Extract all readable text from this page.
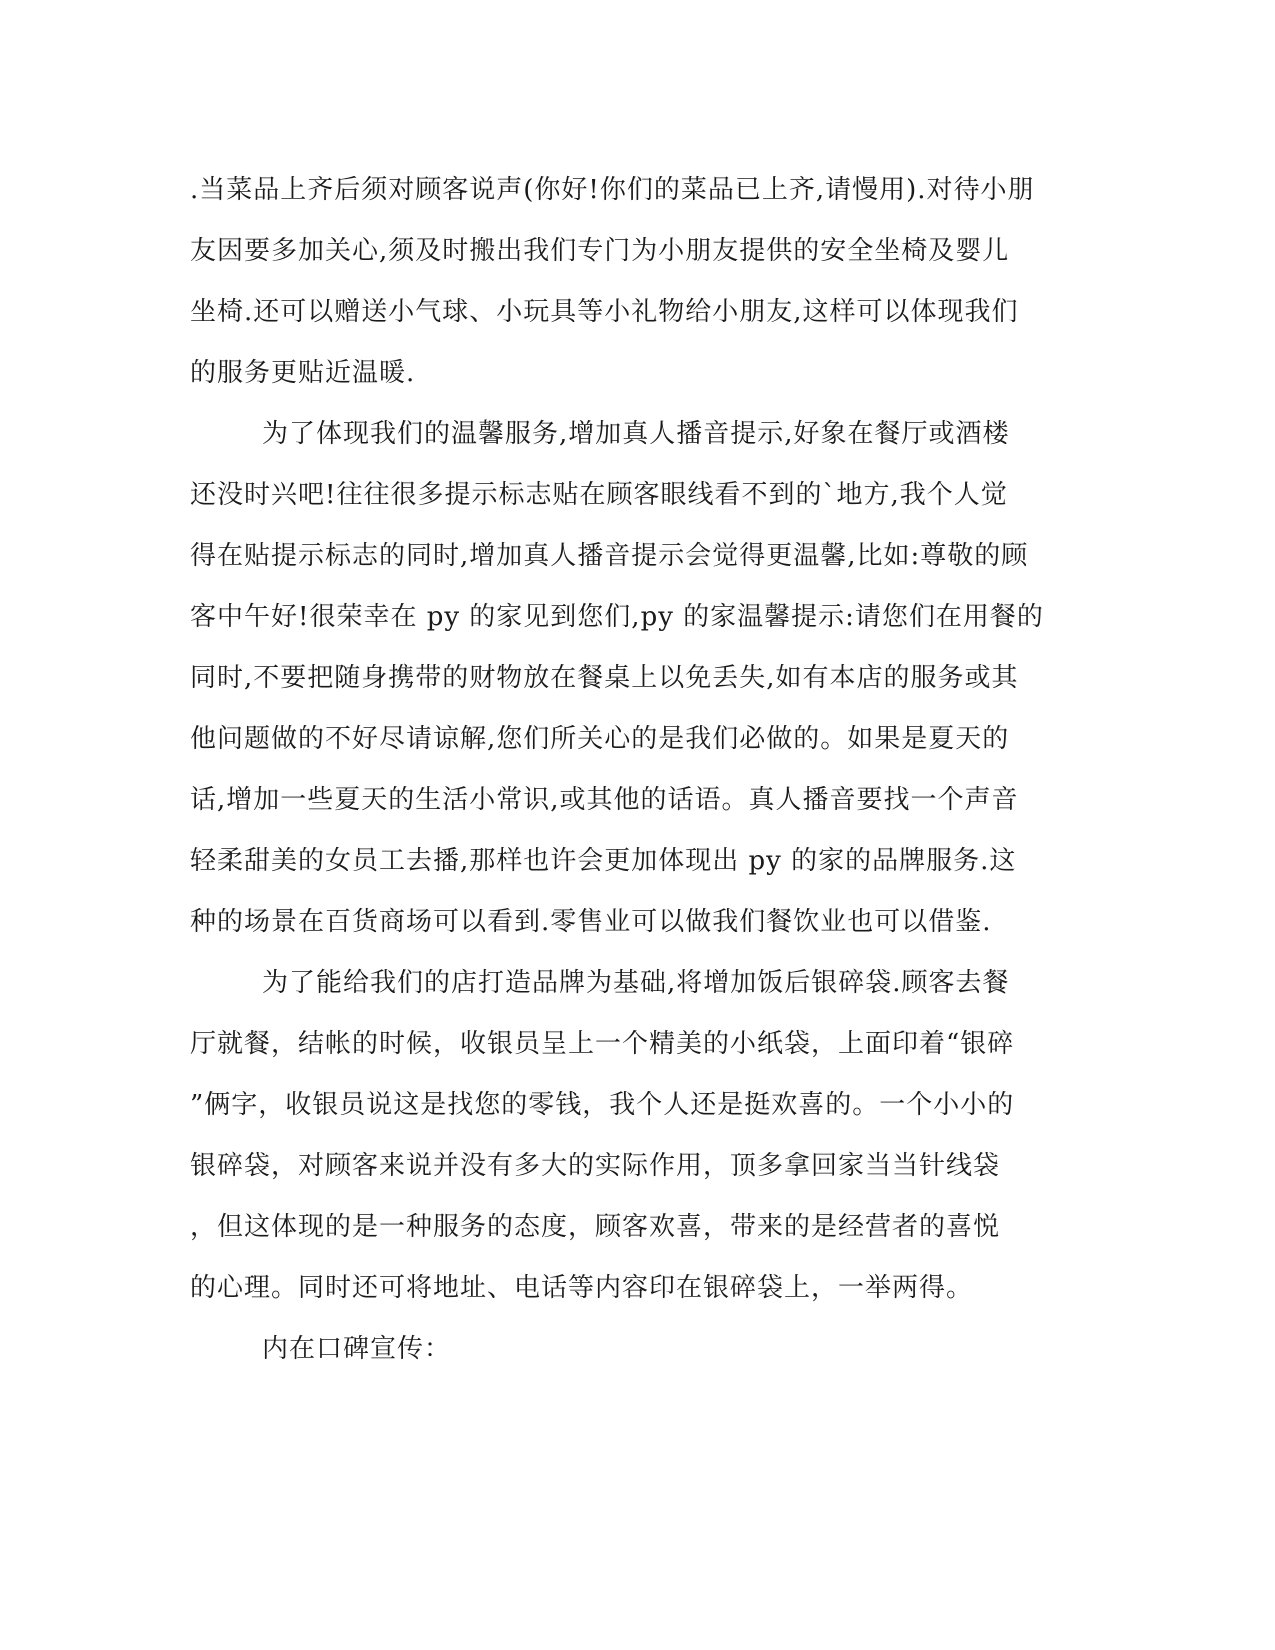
.当菜品上齐后须对顾客说声(你好!你们的菜品已上齐,请慢用).对待小朋
友因要多加关心,须及时搬出我们专门为小朋友提供的安全坐椅及婴儿
坐椅.还可以赠送小气球、小玩具等小礼物给小朋友,这样可以体现我们
的服务更贴近温暖.
为了体现我们的温馨服务,增加真人播音提示,好象在餐厅或酒楼
还没时兴吧!往往很多提示标志贴在顾客眼线看不到的`地方,我个人觉
得在贴提示标志的同时,增加真人播音提示会觉得更温馨,比如:尊敬的顾
客中午好!很荣幸在 py 的家见到您们,py 的家温馨提示:请您们在用餐的
同时,不要把随身携带的财物放在餐桌上以免丢失,如有本店的服务或其
他问题做的不好尽请谅解,您们所关心的是我们必做的。如果是夏天的
话,增加一些夏天的生活小常识,或其他的话语。真人播音要找一个声音
轻柔甜美的女员工去播,那样也许会更加体现出 py 的家的品牌服务.这
种的场景在百货商场可以看到.零售业可以做我们餐饮业也可以借鉴.
为了能给我们的店打造品牌为基础,将增加饭后银碎袋.顾客去餐
厅就餐，结帐的时候，收银员呈上一个精美的小纸袋，上面印着“银碎
”俩字，收银员说这是找您的零钱，我个人还是挺欢喜的。一个小小的
银碎袋，对顾客来说并没有多大的实际作用，顶多拿回家当当针线袋
，但这体现的是一种服务的态度，顾客欢喜，带来的是经营者的喜悦
的心理。同时还可将地址、电话等内容印在银碎袋上，一举两得。
内在口碑宣传：
